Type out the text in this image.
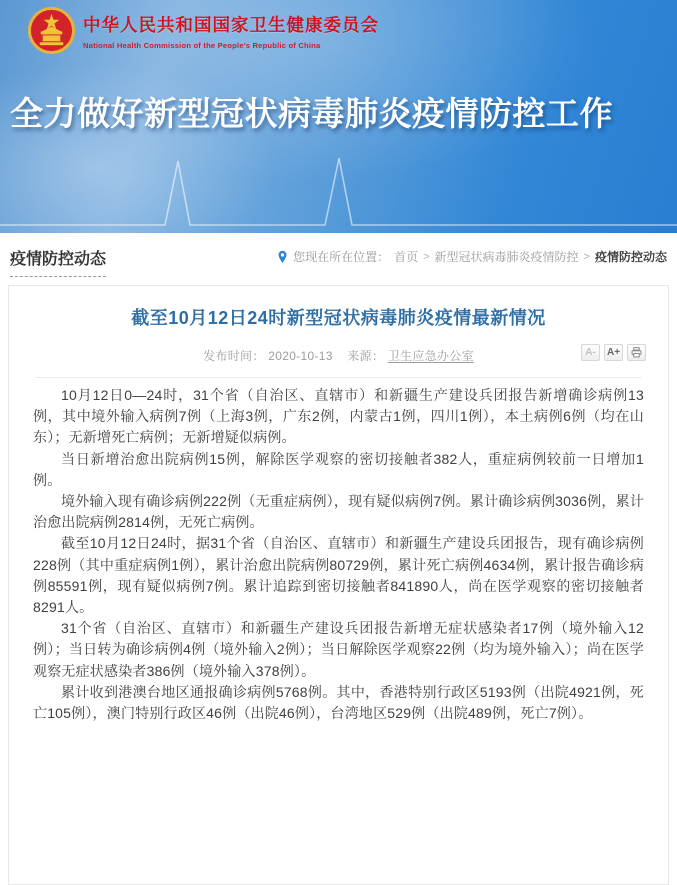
中华人民共和国国家卫生健康委员会
National Health Commission of the People's Republic of China
全力做好新型冠状病毒肺炎疫情防控工作
疫情防控动态	您现在所在位置： 首页 > 新型冠状病毒肺炎疫情防控 > 疫情防控动态
截至10月12日24时新型冠状病毒肺炎疫情最新情况
发布时间： 2020-10-13 来源： 卫生应急办公室	A-	A+

10月12日0—24时，31个省（自治区、直辖市）和新疆生产建设兵团报告新增确诊病例13例，其中境外输入病例7例（上海3例，广东2例，内蒙古1例，四川1例），本土病例6例（均在山东）；无新增死亡病例；无新增疑似病例。

当日新增治愈出院病例15例，解除医学观察的密切接触者382人，重症病例较前一日增加1例。

境外输入现有确诊病例222例（无重症病例），现有疑似病例7例。累计确诊病例3036例，累计治愈出院病例2814例，无死亡病例。

截至10月12日24时，据31个省（自治区、直辖市）和新疆生产建设兵团报告，现有确诊病例228例（其中重症病例1例），累计治愈出院病例80729例，累计死亡病例4634例，累计报告确诊病例85591例，现有疑似病例7例。累计追踪到密切接触者841890人，尚在医学观察的密切接触者8291人。

31个省（自治区、直辖市）和新疆生产建设兵团报告新增无症状感染者17例（境外输入12例）；当日转为确诊病例4例（境外输入2例）；当日解除医学观察22例（均为境外输入）；尚在医学观察无症状感染者386例（境外输入378例）。

累计收到港澳台地区通报确诊病例5768例。其中，香港特别行政区5193例（出院4921例，死亡105例），澳门特别行政区46例（出院46例），台湾地区529例（出院489例，死亡7例）。
